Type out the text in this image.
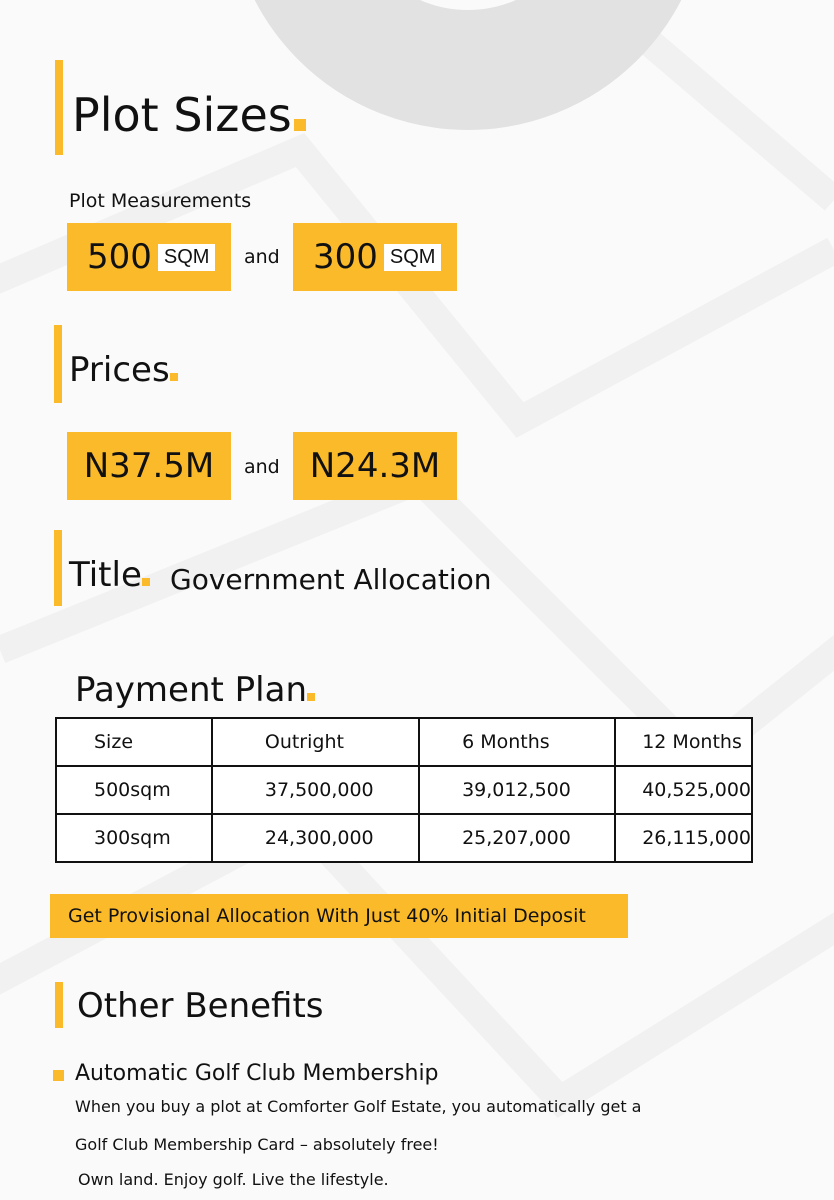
Plot Sizes
Plot Measurements
500 SQM	and 300 SQM
Prices
N37.5M and N24.3M
Title Government Allocation
Payment Plan
Size	Outright	6 Months	12 Months
500sqm	37,500,000	39,012,500	40,525,000
300sqm	24,300,000	25,207,000	26,115,000
Get Provisional Allocation With Just 40% Initial Deposit
Other Benefits
Automatic Golf Club Membership
When you buy a plot at Comforter Golf Estate, you automatically get a
Golf Club Membership Card – absolutely free!
Own land. Enjoy golf. Live the lifestyle.
